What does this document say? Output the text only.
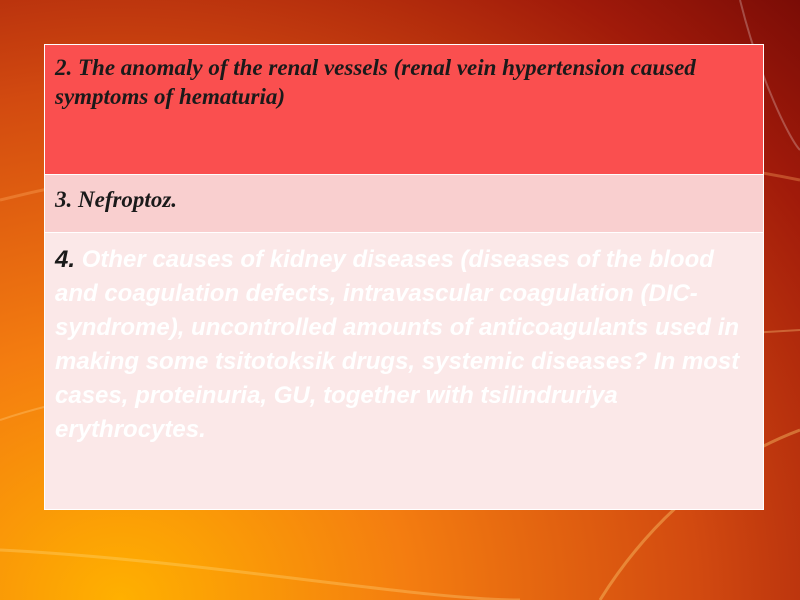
2. The anomaly of the renal vessels (renal vein hypertension caused symptoms of hematuria)

3. Nefroptoz.

4. Other causes of kidney diseases (diseases of the blood and coagulation defects, intravascular coagulation (DIC-syndrome), uncontrolled amounts of anticoagulants used in making some tsitotoksik drugs, systemic diseases? In most cases, proteinuria, GU, together with tsilindruriya erythrocytes.
